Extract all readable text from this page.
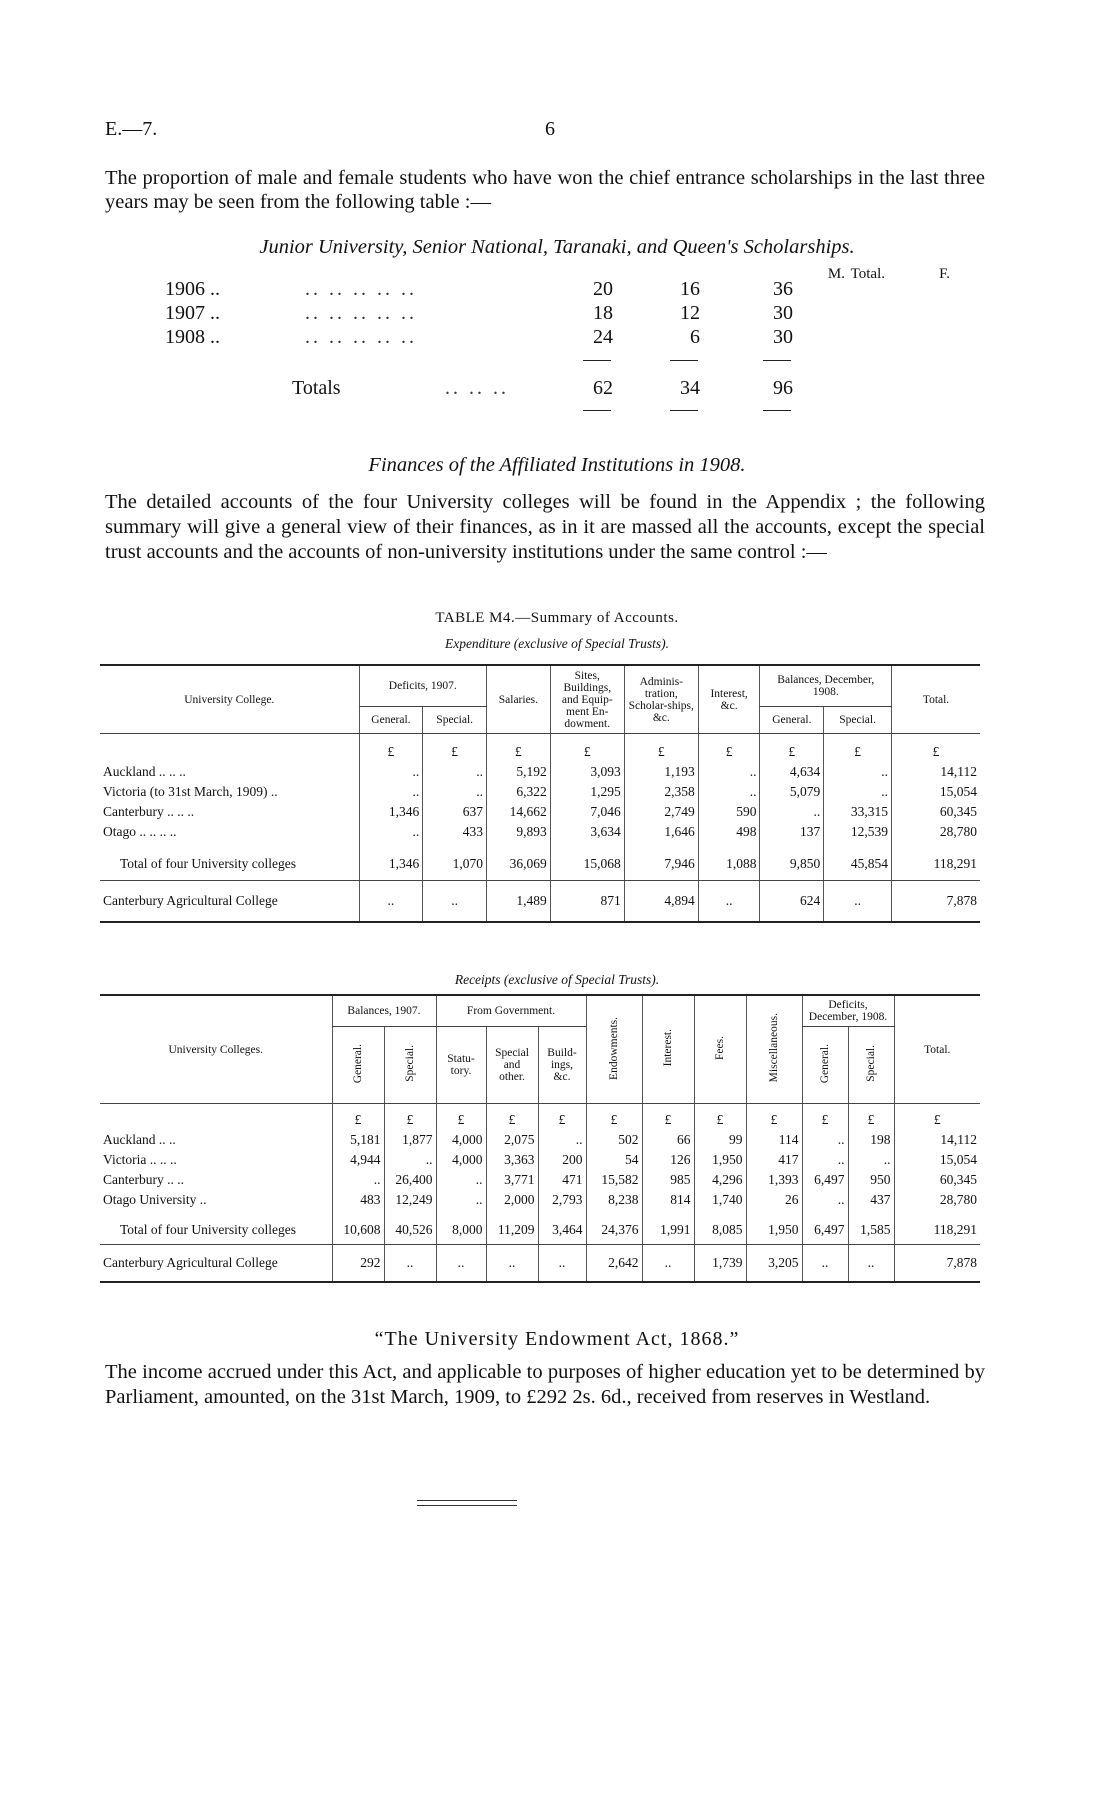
E.—7.	6
The proportion of male and female students who have won the chief entrance scholarships in the last three years may be seen from the following table :—
Junior University, Senior National, Taranaki, and Queen's Scholarships.
M.	F.
Total.
1906 ..	.. .. .. .. ..	20	16	36
1907 ..	.. .. .. .. ..	18	12	30
1908 ..	.. .. .. .. ..	24	6	30
Totals	.. .. ..	62	34	96
Finances of the Affiliated Institutions in 1908.
The detailed accounts of the four University colleges will be found in the Appendix ; the following summary will give a general view of their finances, as in it are massed all the accounts, except the special trust accounts and the accounts of non-university institutions under the same control :—
TABLE M4.—Summary of Accounts.
Expenditure (exclusive of Special Trusts).
University College.	Deficits, 1907.		Salaries.	Sites, Buildings, and Equip-ment En-dowment.	Adminis-tration, Scholar-ships, &c.	Interest, &c.	Balances, December, 1908.		Total.
	General.	Special.					General.	Special.	
	£	£	£	£	£	£	£	£	£
Auckland .. .. ..	..	..	5,192	3,093	1,193	..	4,634	..	14,112
Victoria (to 31st March, 1909) ..	..	..	6,322	1,295	2,358	..	5,079	..	15,054
Canterbury .. .. ..	1,346	637	14,662	7,046	2,749	590	..	33,315	60,345
Otago .. .. .. ..	..	433	9,893	3,634	1,646	498	137	12,539	28,780
Total of four University colleges	1,346	1,070	36,069	15,068	7,946	1,088	9,850	45,854	118,291
Canterbury Agricultural College	..	..	1,489	871	4,894	..	624	..	7,878
Receipts (exclusive of Special Trusts).
University Colleges.	Balances, 1907.		From Government.			Endowments.	Interest.	Fees.	Miscellaneous.	Deficits, December, 1908.		Total.
	General.	Special.	Statu-tory.	Special and other.	Build-ings, &c.					General.	Special.	
	£	£	£	£	£	£	£	£	£	£	£	£
Auckland .. ..	5,181	1,877	4,000	2,075	..	502	66	99	114	..	198	14,112
Victoria .. .. ..	4,944	..	4,000	3,363	200	54	126	1,950	417	..	..	15,054
Canterbury .. ..	..	26,400	..	3,771	471	15,582	985	4,296	1,393	6,497	950	60,345
Otago University ..	483	12,249	..	2,000	2,793	8,238	814	1,740	26	..	437	28,780
Total of four University colleges	10,608	40,526	8,000	11,209	3,464	24,376	1,991	8,085	1,950	6,497	1,585	118,291
Canterbury Agricultural College	292	..	..	..	..	2,642	..	1,739	3,205	..	..	7,878
“The University Endowment Act, 1868.”
The income accrued under this Act, and applicable to purposes of higher education yet to be determined by Parliament, amounted, on the 31st March, 1909, to £292 2s. 6d., received from reserves in Westland.
